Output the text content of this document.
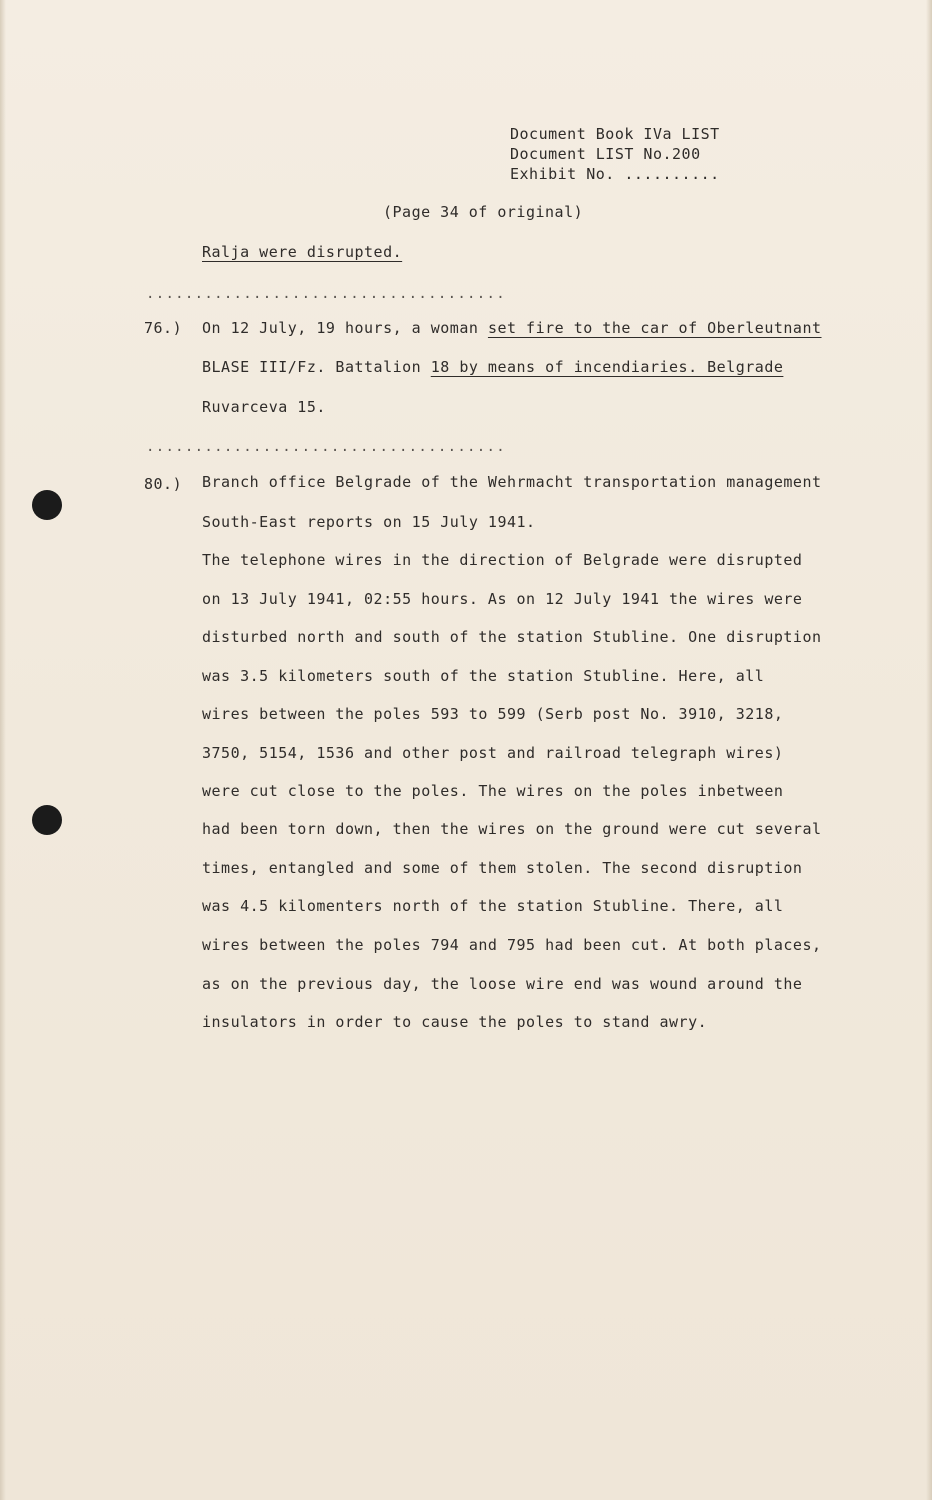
Document Book IVa LIST
Document LIST No.200
Exhibit No. ..........
(Page 34 of original)
Ralja were disrupted.
.....................................
76.) On 12 July, 19 hours, a woman set fire to the car of Oberleutnant
BLASE III/Fz. Battalion 18 by means of incendiaries. Belgrade
Ruvarceva 15.
.....................................
80.) Branch office Belgrade of the Wehrmacht transportation management
South-East reports on 15 July 1941.
The telephone wires in the direction of Belgrade were disrupted
on 13 July 1941, 02:55 hours. As on 12 July 1941 the wires were
disturbed north and south of the station Stubline. One disruption
was 3.5 kilometers south of the station Stubline. Here, all
wires between the poles 593 to 599 (Serb post No. 3910, 3218,
3750, 5154, 1536 and other post and railroad telegraph wires)
were cut close to the poles. The wires on the poles inbetween
had been torn down, then the wires on the ground were cut several
times, entangled and some of them stolen. The second disruption
was 4.5 kilomenters north of the station Stubline. There, all
wires between the poles 794 and 795 had been cut. At both places,
as on the previous day, the loose wire end was wound around the
insulators in order to cause the poles to stand awry.
